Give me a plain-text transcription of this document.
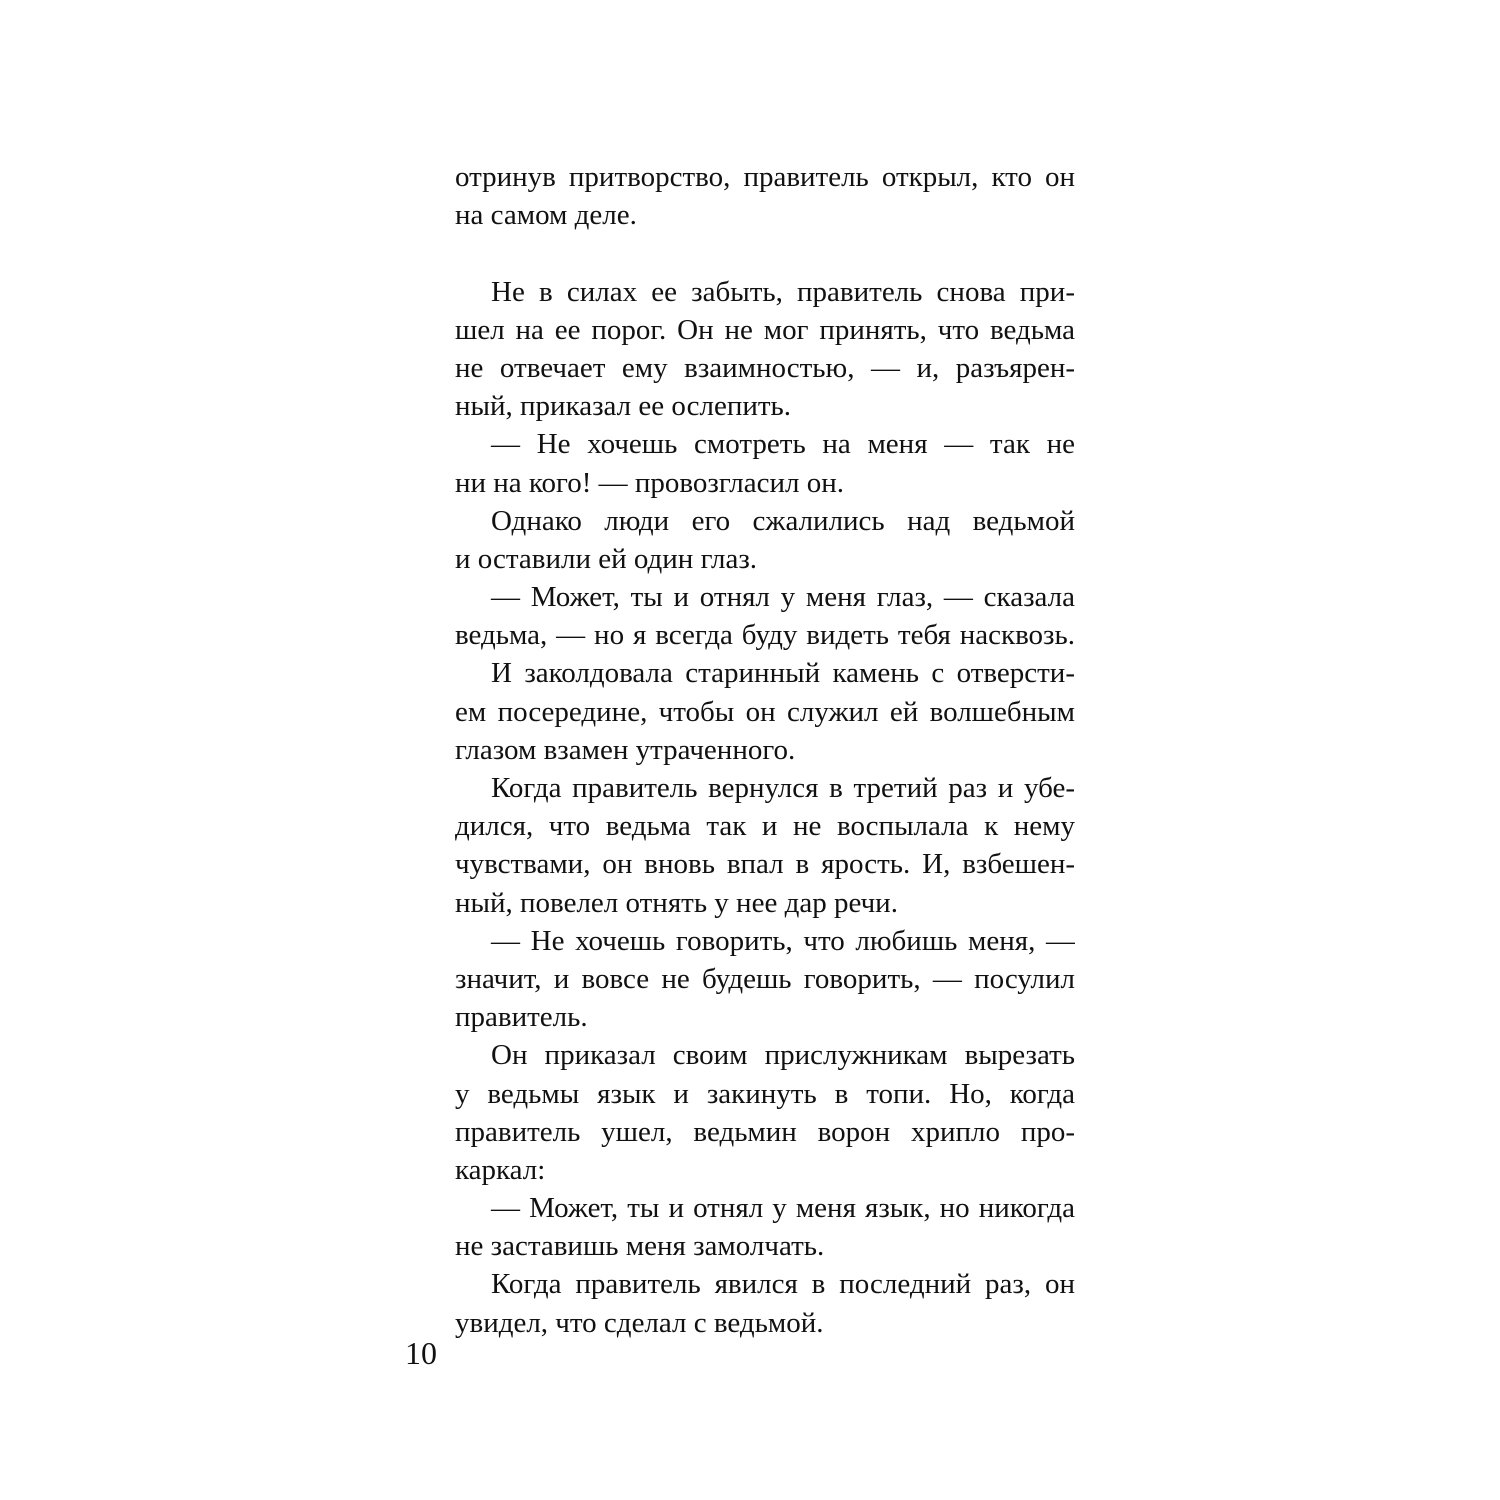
отринув притворство, правитель открыл, кто он
на самом деле.
Не в силах ее забыть, правитель снова при-
шел на ее порог. Он не мог принять, что ведьма
не отвечает ему взаимностью, — и, разъярен-
ный, приказал ее ослепить.
— Не хочешь смотреть на меня — так не
ни на кого! — провозгласил он.
Однако люди его сжалились над ведьмой
и оставили ей один глаз.
— Может, ты и отнял у меня глаз, — сказала
ведьма, — но я всегда буду видеть тебя насквозь.
И заколдовала старинный камень с отверсти-
ем посередине, чтобы он служил ей волшебным
глазом взамен утраченного.
Когда правитель вернулся в третий раз и убе-
дился, что ведьма так и не воспылала к нему
чувствами, он вновь впал в ярость. И, взбешен-
ный, повелел отнять у нее дар речи.
— Не хочешь говорить, что любишь меня, —
значит, и вовсе не будешь говорить, — посулил
правитель.
Он приказал своим прислужникам вырезать
у ведьмы язык и закинуть в топи. Но, когда
правитель ушел, ведьмин ворон хрипло про-
каркал:
— Может, ты и отнял у меня язык, но никогда
не заставишь меня замолчать.
Когда правитель явился в последний раз, он
увидел, что сделал с ведьмой.
10
